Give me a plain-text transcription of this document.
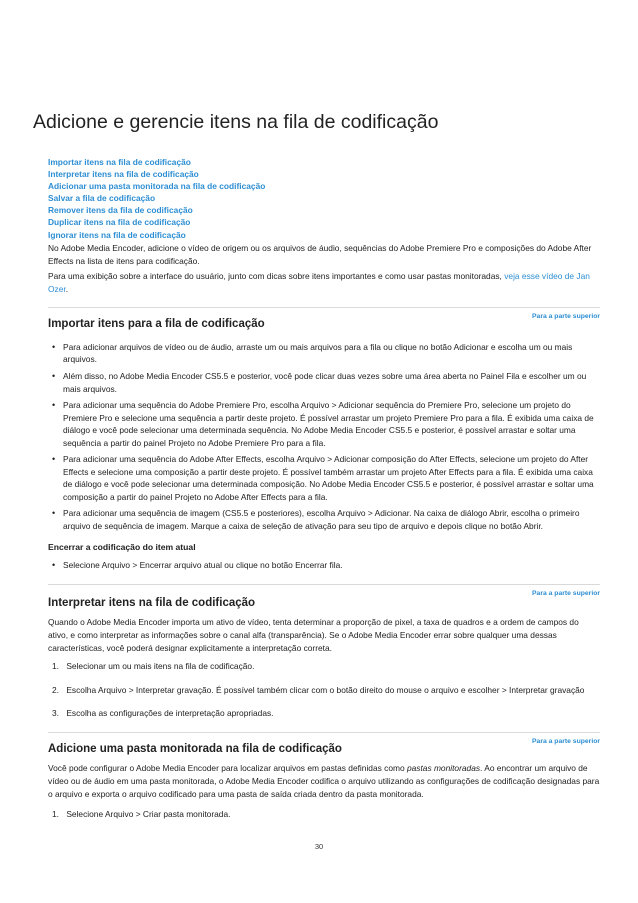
Adicione e gerencie itens na fila de codificação
Importar itens na fila de codificação
Interpretar itens na fila de codificação
Adicionar uma pasta monitorada na fila de codificação
Salvar a fila de codificação
Remover itens da fila de codificação
Duplicar itens na fila de codificação
Ignorar itens na fila de codificação

No Adobe Media Encoder, adicione o vídeo de origem ou os arquivos de áudio, sequências do Adobe Premiere Pro e composições do Adobe After Effects na lista de itens para codificação.

Para uma exibição sobre a interface do usuário, junto com dicas sobre itens importantes e como usar pastas monitoradas, veja esse vídeo de Jan Ozer.

Para a parte superior
Importar itens para a fila de codificação
• Para adicionar arquivos de vídeo ou de áudio, arraste um ou mais arquivos para a fila ou clique no botão Adicionar e escolha um ou mais arquivos.
• Além disso, no Adobe Media Encoder CS5.5 e posterior, você pode clicar duas vezes sobre uma área aberta no Painel Fila e escolher um ou mais arquivos.
• Para adicionar uma sequência do Adobe Premiere Pro, escolha Arquivo > Adicionar sequência do Premiere Pro, selecione um projeto do Premiere Pro e selecione uma sequência a partir deste projeto. É possível arrastar um projeto Premiere Pro para a fila. É exibida uma caixa de diálogo e você pode selecionar uma determinada sequência. No Adobe Media Encoder CS5.5 e posterior, é possível arrastar e soltar uma sequência a partir do painel Projeto no Adobe Premiere Pro para a fila.
• Para adicionar uma sequência do Adobe After Effects, escolha Arquivo > Adicionar composição do After Effects, selecione um projeto do After Effects e selecione uma composição a partir deste projeto. É possível também arrastar um projeto After Effects para a fila. É exibida uma caixa de diálogo e você pode selecionar uma determinada composição. No Adobe Media Encoder CS5.5 e posterior, é possível arrastar e soltar uma composição a partir do painel Projeto no Adobe After Effects para a fila.
• Para adicionar uma sequência de imagem (CS5.5 e posteriores), escolha Arquivo > Adicionar. Na caixa de diálogo Abrir, escolha o primeiro arquivo de sequência de imagem. Marque a caixa de seleção de ativação para seu tipo de arquivo e depois clique no botão Abrir.
Encerrar a codificação do item atual
• Selecione Arquivo > Encerrar arquivo atual ou clique no botão Encerrar fila.
Para a parte superior
Interpretar itens na fila de codificação

Quando o Adobe Media Encoder importa um ativo de vídeo, tenta determinar a proporção de pixel, a taxa de quadros e a ordem de campos do ativo, e como interpretar as informações sobre o canal alfa (transparência). Se o Adobe Media Encoder errar sobre qualquer uma dessas características, você poderá designar explicitamente a interpretação correta.

1. Selecionar um ou mais itens na fila de codificação.
2. Escolha Arquivo > Interpretar gravação. É possível também clicar com o botão direito do mouse o arquivo e escolher > Interpretar gravação
3. Escolha as configurações de interpretação apropriadas.
Para a parte superior
Adicione uma pasta monitorada na fila de codificação

Você pode configurar o Adobe Media Encoder para localizar arquivos em pastas definidas como pastas monitoradas. Ao encontrar um arquivo de vídeo ou de áudio em uma pasta monitorada, o Adobe Media Encoder codifica o arquivo utilizando as configurações de codificação designadas para o arquivo e exporta o arquivo codificado para uma pasta de saída criada dentro da pasta monitorada.

1. Selecione Arquivo > Criar pasta monitorada.
30
